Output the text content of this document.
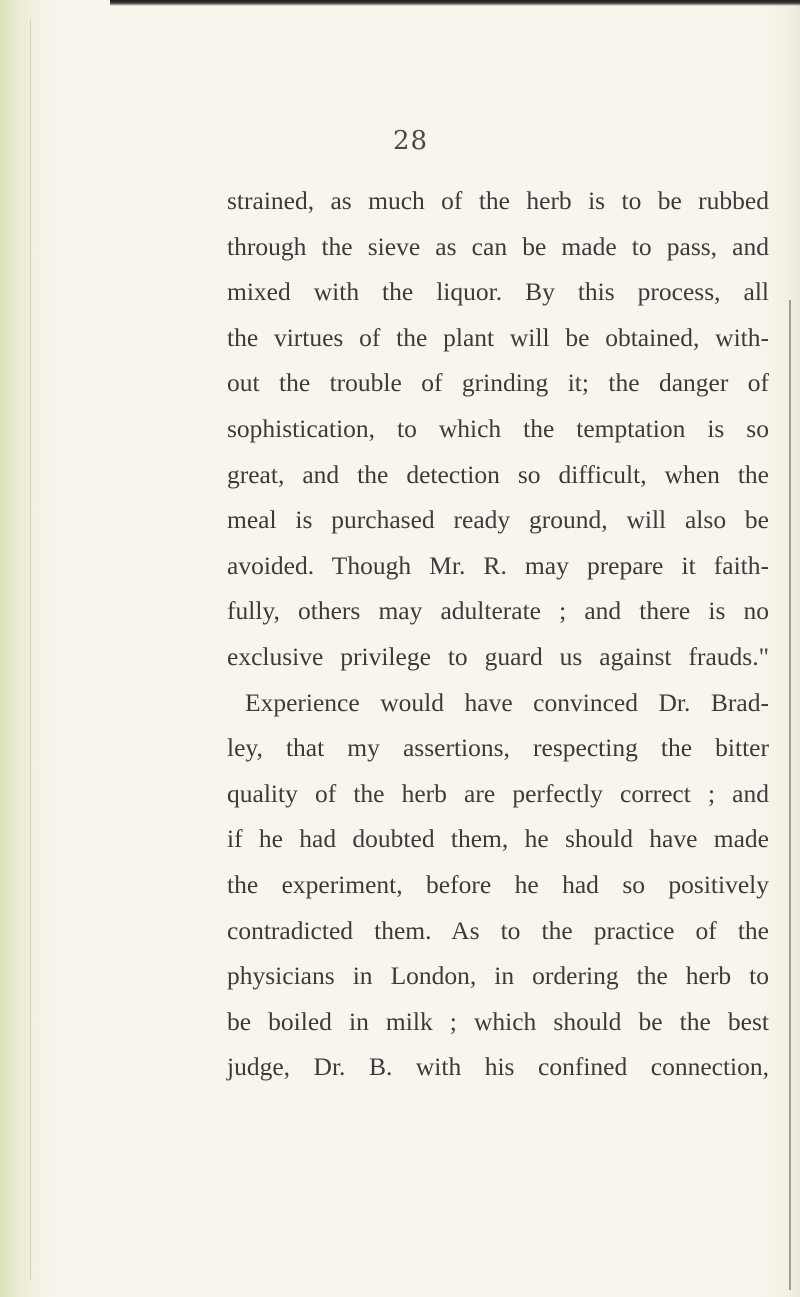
28
strained, as much of the herb is to be rubbed
through the sieve as can be made to pass, and
mixed with the liquor. By this process, all
the virtues of the plant will be obtained, with-
out the trouble of grinding it; the danger of
sophistication, to which the temptation is so
great, and the detection so difficult, when the
meal is purchased ready ground, will also be
avoided. Though Mr. R. may prepare it faith-
fully, others may adulterate ; and there is no
exclusive privilege to guard us against frauds."
Experience would have convinced Dr. Brad-
ley, that my assertions, respecting the bitter
quality of the herb are perfectly correct ; and
if he had doubted them, he should have made
the experiment, before he had so positively
contradicted them. As to the practice of the
physicians in London, in ordering the herb to
be boiled in milk ; which should be the best
judge, Dr. B. with his confined connection,
